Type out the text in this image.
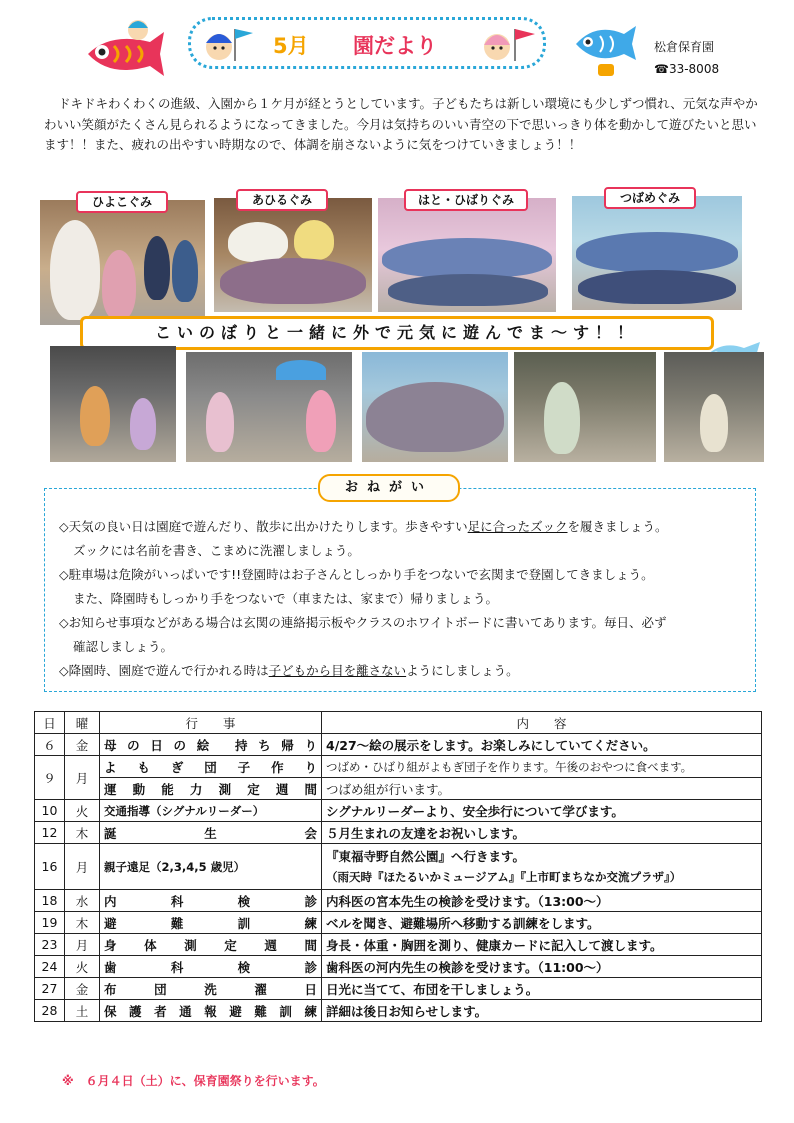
5月 園だより	松倉保育園
☎33-8008
ドキドキわくわくの進級、入園から１ケ月が経とうとしています。子どもたちは新しい環境にも少しずつ慣れ、元気な声やかわいい笑顔がたくさん見られるようになってきました。今月は気持ちのいい青空の下で思いっきり体を動かして遊びたいと思います！！また、疲れの出やすい時期なので、体調を崩さないように気をつけていきましょう！！
ひよこぐみ	あひるぐみ	はと・ひばりぐみ	つばめぐみ
こいのぼりと一緒に外で元気に遊んでま～す！！
◇天気の良い日は園庭で遊んだり、散歩に出かけたりします。歩きやすい足に合ったズックを履きましょう。
ズックには名前を書き、こまめに洗濯しましょう。
◇駐車場は危険がいっぱいです!!登園時はお子さんとしっかり手をつないで玄関まで登園してきましょう。
また、降園時もしっかり手をつないで（車または、家まで）帰りましょう。
◇お知らせ事項などがある場合は玄関の連絡掲示板やクラスのホワイトボードに書いてあります。毎日、必ず
確認しましょう。
◇降園時、園庭で遊んで行かれる時は子どもから目を離さないようにしましょう。
おねがい
日	曜	行　　事	内　　容
６	金	母の日の絵 持ち帰り	4/27～絵の展示をします。お楽しみにしていてください。
９	月	よもぎ団子作り	つばめ・ひばり組がよもぎ団子を作ります。午後のおやつに食べます。
		運動能力測定週間	つばめ組が行います。
10	火	交通指導（シグナルリーダー）	シグナルリーダーより、安全歩行について学びます。
12	木	誕生会	５月生まれの友達をお祝いします。
16	月	親子遠足（2,3,4,5 歳児）	『東福寺野自然公園』へ行きます。
（雨天時『ほたるいかミュージアム』『上市町まちなか交流プラザ』）

18	水	内科検診	内科医の宮本先生の検診を受けます。（13:00～）
19	木	避難訓練	ベルを聞き、避難場所へ移動する訓練をします。
23	月	身体測定週間	身長・体重・胸囲を測り、健康カードに記入して渡します。
24	火	歯科検診	歯科医の河内先生の検診を受けます。（11:00～）
27	金	布団洗濯日	日光に当てて、布団を干しましょう。
28	土	保護者通報避難訓練	詳細は後日お知らせします。
※　６月４日（土）に、保育園祭りを行います。
